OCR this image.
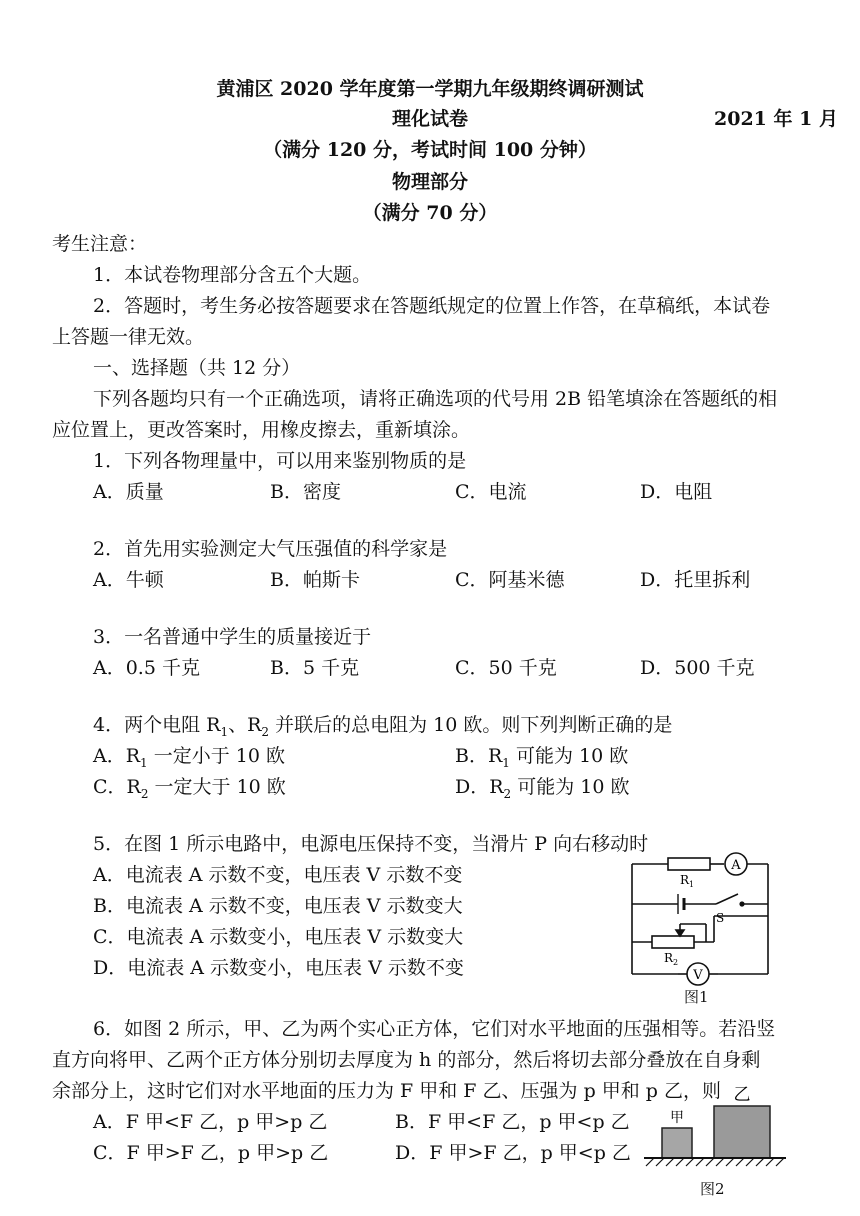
黄浦区 2020 学年度第一学期九年级期终调研测试
理化试卷	2021 年 1 月
（满分 120 分，考试时间 100 分钟）
物理部分
（满分 70 分）
考生注意：
1．本试卷物理部分含五个大题。
2．答题时，考生务必按答题要求在答题纸规定的位置上作答，在草稿纸，本试卷
上答题一律无效。
一、选择题（共 12 分）
下列各题均只有一个正确选项，请将正确选项的代号用 2B 铅笔填涂在答题纸的相
应位置上，更改答案时，用橡皮擦去，重新填涂。
1．下列各物理量中，可以用来鉴别物质的是
A．质量	B．密度	C．电流	D．电阻
2．首先用实验测定大气压强值的科学家是
A．牛顿	B．帕斯卡	C．阿基米德	D．托里拆利
3．一名普通中学生的质量接近于
A．0.5 千克	B．5 千克	C．50 千克	D．500 千克
4．两个电阻 $R_1$、$R_2$ 并联后的总电阻为 10 欧。则下列判断正确的是
A．$R_1$ 一定小于 10 欧	B．$R_1$ 可能为 10 欧
C．$R_2$ 一定大于 10 欧	D．$R_2$ 可能为 10 欧
5．在图 1 所示电路中，电源电压保持不变，当滑片 P 向右移动时
A．电流表 A 示数不变，电压表 V 示数不变
B．电流表 A 示数不变，电压表 V 示数变大
C．电流表 A 示数变小，电压表 V 示数变大
D．电流表 A 示数变小，电压表 V 示数不变
A
V
$R_1$
$R_2$
S
图1
6．如图 2 所示，甲、乙为两个实心正方体，它们对水平地面的压强相等。若沿竖
直方向将甲、乙两个正方体分别切去厚度为 h 的部分，然后将切去部分叠放在自身剩
余部分上，这时它们对水平地面的压力为 F 甲和 F 乙、压强为 p 甲和 p 乙，则
A．F 甲<F 乙，p 甲>p 乙	B．F 甲<F 乙，p 甲<p 乙
C．F 甲>F 乙，p 甲>p 乙	D．F 甲>F 乙，p 甲<p 乙
甲
乙
图2
